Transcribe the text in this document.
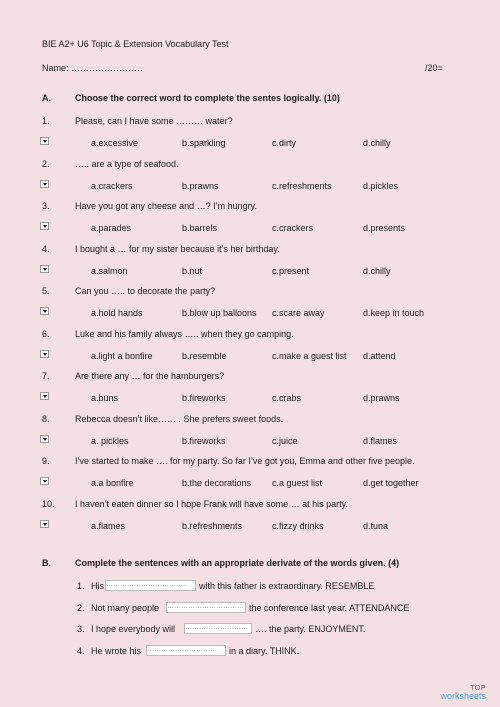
BIE A2+ U6 Topic & Extension Vocabulary Test
Name: ……………………	/20=
A.	Choose the correct word to complete the sentes logically. (10)
1.	Please, can I have some ……… water?
a.excessive	b.sparkling	c.dirty	d.chilly
2.	….. are a type of seafood.
a.crackers	b.prawns	c.refreshments	d.pickles
3.	Have you got any cheese and …? I’m hungry.
a.parades	b.barrels	c.crackers	d.presents
4.	I bought a … for my sister because it’s her birthday.
a.salmon	b.nut	c.present	d.chilly
5.	Can you ….. to decorate the party?
a.hold hands	b.blow up balloons c.scare away	d.keep in touch
6.	Luke and his family always ….. when they go camping.
a.light a bonfire	b.resemble	c.make a guest list d.attend
7.	Are there any … for the hamburgers?
a.buns	b.fireworks	c.crabs	d.prawns
8.	Rebecca doesn’t like…… . She prefers sweet foods.
a. pickles	b.fireworks	c.juice	d.flames
9.	I’ve started to make …. for my party. So far I’ve got you, Emma and other five people.
a.a bonfire	b.the decorations c.a guest list	d.get together
10. I haven’t eaten dinner so I hope Frank will have some … at his party.
a.flames	b.refreshments	c.fizzy drinks	d.tuna
B.	Complete the sentences with an appropriate derivate of the words given. (4)
1. His ……………………………..	with this father is extraordinary. RESEMBLE
2. Not many people …………………………… the conference last year. ATTENDANCE
3. I hope everybody will ……………………… …. the party. ENJOYMENT.
4. He wrote his …………………………	in a diary. THINK.
TOP
worksheets
